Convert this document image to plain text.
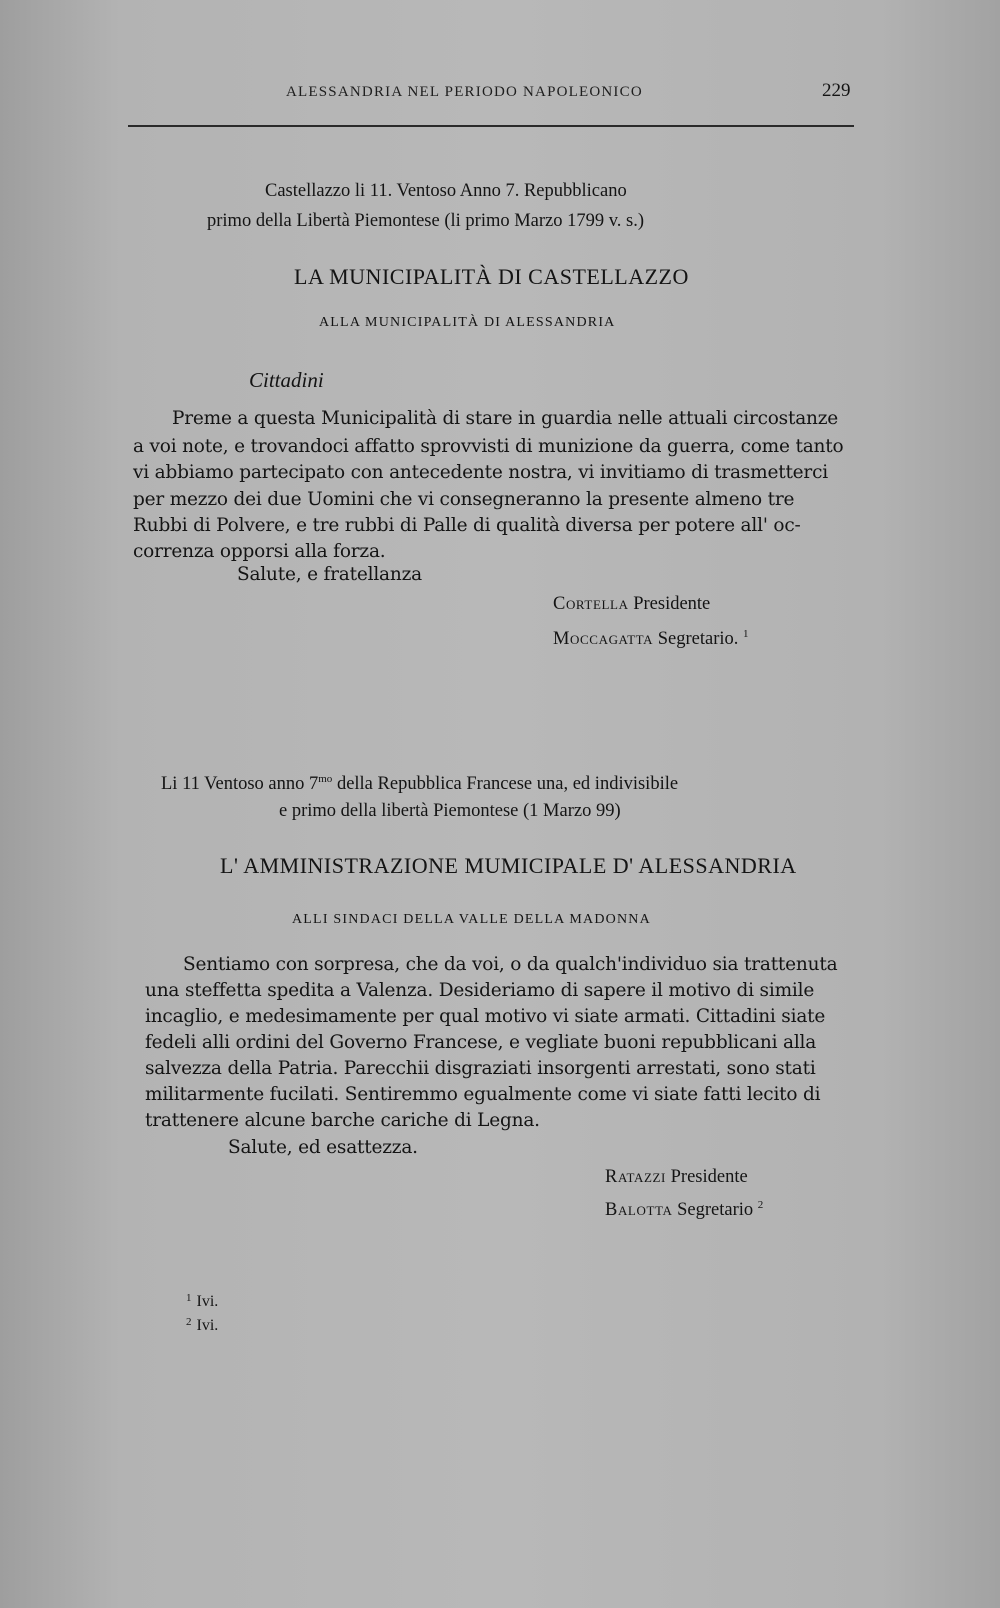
ALESSANDRIA NEL PERIODO NAPOLEONICO	229
Castellazzo li 11. Ventoso Anno 7. Repubblicano
primo della Libertà Piemontese (li primo Marzo 1799 v. s.)
LA MUNICIPALITÀ DI CASTELLAZZO
ALLA MUNICIPALITÀ DI ALESSANDRIA
Cittadini
Preme a questa Municipalità di stare in guardia nelle attuali circostanze
a voi note, e trovandoci affatto sprovvisti di munizione da guerra, come tanto
vi abbiamo partecipato con antecedente nostra, vi invitiamo di trasmetterci
per mezzo dei due Uomini che vi consegneranno la presente almeno tre
Rubbi di Polvere, e tre rubbi di Palle di qualità diversa per potere all' oc-
correnza opporsi alla forza.
Salute, e fratellanza
Cortella Presidente
Moccagatta Segretario. $^1$
Li 11 Ventoso anno $7^{mo}$ della Repubblica Francese una, ed indivisibile
e primo della libertà Piemontese (1 Marzo 99)
L' AMMINISTRAZIONE MUMICIPALE D' ALESSANDRIA
ALLI SINDACI DELLA VALLE DELLA MADONNA
Sentiamo con sorpresa, che da voi, o da qualch'individuo sia trattenuta
una steffetta spedita a Valenza. Desideriamo di sapere il motivo di simile
incaglio, e medesimamente per qual motivo vi siate armati. Cittadini siate
fedeli alli ordini del Governo Francese, e vegliate buoni repubblicani alla
salvezza della Patria. Parecchii disgraziati insorgenti arrestati, sono stati
militarmente fucilati. Sentiremmo egualmente come vi siate fatti lecito di
trattenere alcune barche cariche di Legna.
Salute, ed esattezza.
Ratazzi Presidente
Balotta Segretario $^2$
$^1$ Ivi.
$^2$ Ivi.
